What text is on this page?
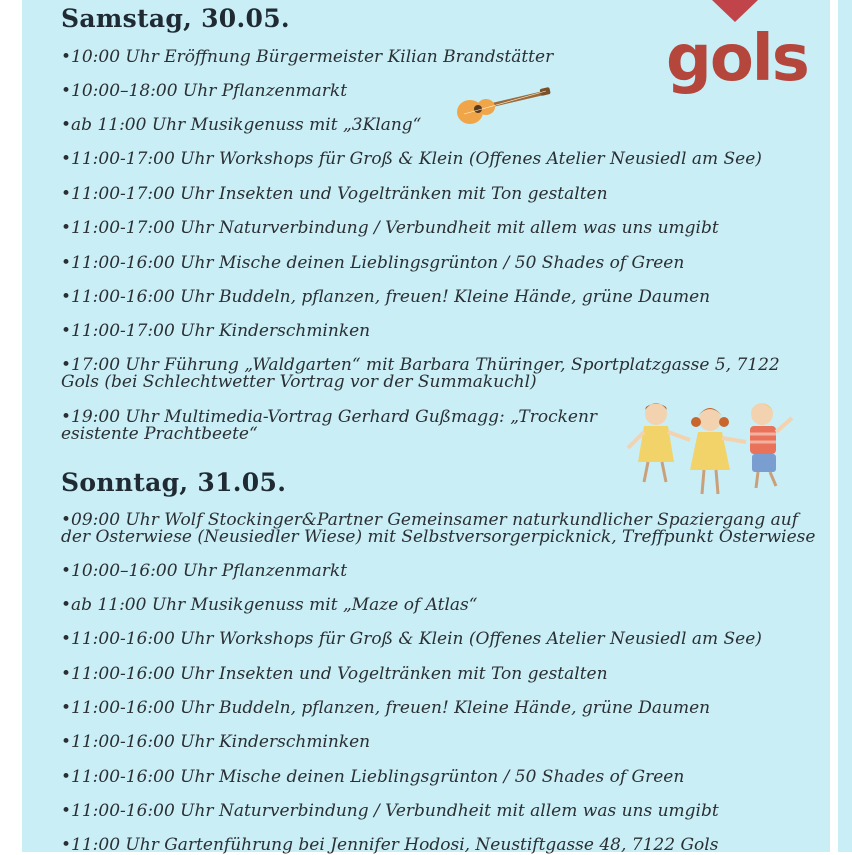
gols
Samstag, 30.05.
•10:00 Uhr Eröffnung Bürgermeister Kilian Brandstätter
•10:00–18:00 Uhr Pflanzenmarkt
•ab 11:00 Uhr Musikgenuss mit „3Klang“
•11:00-17:00 Uhr Workshops für Groß & Klein (Offenes Atelier Neusiedl am See)
•11:00-17:00 Uhr Insekten und Vogeltränken mit Ton gestalten
•11:00-17:00 Uhr Naturverbindung / Verbundheit mit allem was uns umgibt
•11:00-16:00 Uhr Mische deinen Lieblingsgrünton / 50 Shades of Green
•11:00-16:00 Uhr Buddeln, pflanzen, freuen! Kleine Hände, grüne Daumen
•11:00-17:00 Uhr Kinderschminken
•17:00 Uhr Führung „Waldgarten“ mit Barbara Thüringer, Sportplatzgasse 5, 7122 Gols (bei Schlechtwetter Vortrag vor der Summakuchl)
•19:00 Uhr Multimedia-Vortrag Gerhard Gußmagg: „Trockenr esistente Prachtbeete“
Sonntag, 31.05.
•09:00 Uhr Wolf Stockinger&Partner Gemeinsamer naturkundlicher Spaziergang auf der Osterwiese (Neusiedler Wiese) mit Selbstversorgerpicknick, Treffpunkt Osterwiese
•10:00–16:00 Uhr Pflanzenmarkt
•ab 11:00 Uhr Musikgenuss mit „Maze of Atlas“
•11:00-16:00 Uhr Workshops für Groß & Klein (Offenes Atelier Neusiedl am See)
•11:00-16:00 Uhr Insekten und Vogeltränken mit Ton gestalten
•11:00-16:00 Uhr Buddeln, pflanzen, freuen! Kleine Hände, grüne Daumen
•11:00-16:00 Uhr Kinderschminken
•11:00-16:00 Uhr Mische deinen Lieblingsgrünton / 50 Shades of Green
•11:00-16:00 Uhr Naturverbindung / Verbundheit mit allem was uns umgibt
•11:00 Uhr Gartenführung bei Jennifer Hodosi, Neustiftgasse 48, 7122 Gols
